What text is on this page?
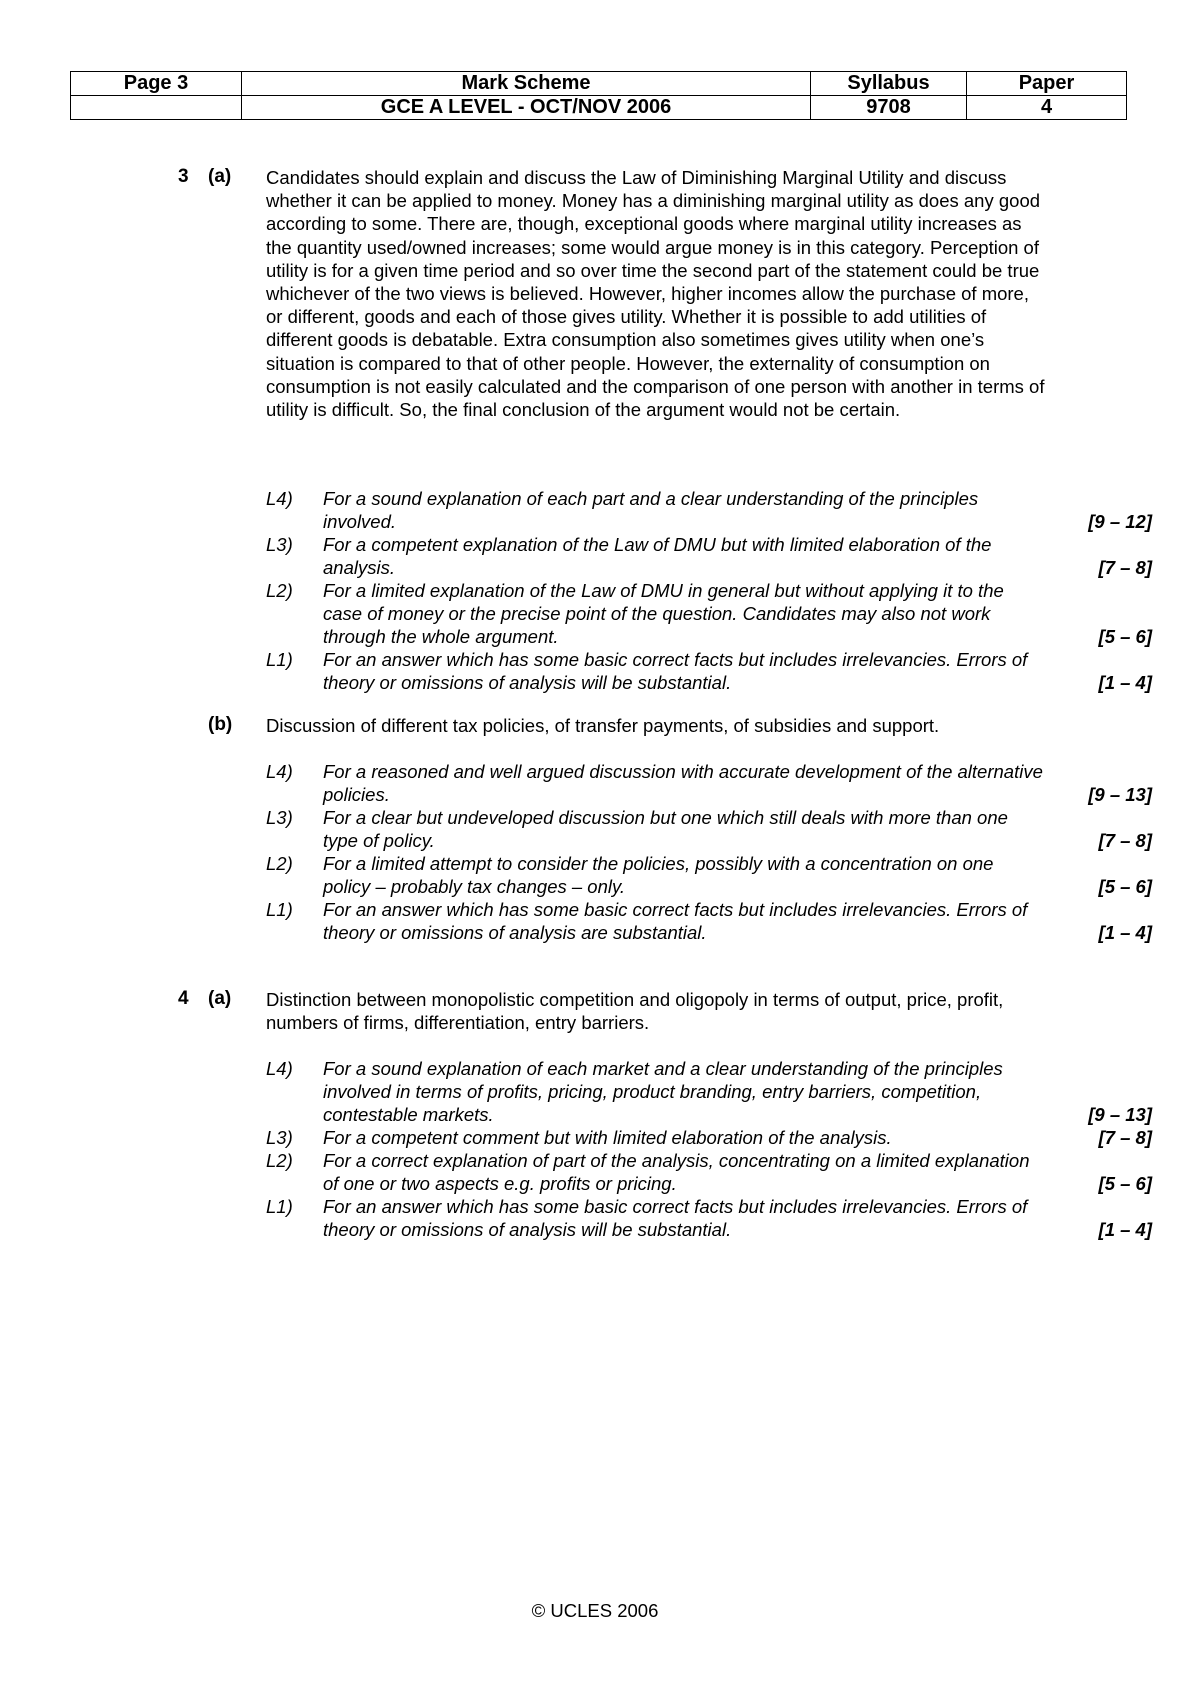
Page 3	Mark Scheme	Syllabus	Paper
	GCE A LEVEL - OCT/NOV 2006	9708	4
3 (a) Candidates should explain and discuss the Law of Diminishing Marginal Utility and discuss whether it can be applied to money. Money has a diminishing marginal utility as does any good according to some. There are, though, exceptional goods where marginal utility increases as the quantity used/owned increases; some would argue money is in this category. Perception of utility is for a given time period and so over time the second part of the statement could be true whichever of the two views is believed. However, higher incomes allow the purchase of more, or different, goods and each of those gives utility. Whether it is possible to add utilities of different goods is debatable. Extra consumption also sometimes gives utility when one’s situation is compared to that of other people. However, the externality of consumption on consumption is not easily calculated and the comparison of one person with another in terms of utility is difficult. So, the final conclusion of the argument would not be certain.
L4) For a sound explanation of each part and a clear understanding of the principles involved.	[9 – 12]
L3) For a competent explanation of the Law of DMU but with limited elaboration of the analysis.	[7 – 8]
L2) For a limited explanation of the Law of DMU in general but without applying it to the case of money or the precise point of the question. Candidates may also not work through the whole argument.	[5 – 6]
L1) For an answer which has some basic correct facts but includes irrelevancies. Errors of theory or omissions of analysis will be substantial.	[1 – 4]
(b) Discussion of different tax policies, of transfer payments, of subsidies and support.
L4) For a reasoned and well argued discussion with accurate development of the alternative policies.	[9 – 13]
L3) For a clear but undeveloped discussion but one which still deals with more than one type of policy.	[7 – 8]
L2) For a limited attempt to consider the policies, possibly with a concentration on one policy – probably tax changes – only.	[5 – 6]
L1) For an answer which has some basic correct facts but includes irrelevancies. Errors of theory or omissions of analysis are substantial.	[1 – 4]
4 (a) Distinction between monopolistic competition and oligopoly in terms of output, price, profit, numbers of firms, differentiation, entry barriers.
L4) For a sound explanation of each market and a clear understanding of the principles involved in terms of profits, pricing, product branding, entry barriers, competition, contestable markets.	[9 – 13]
L3) For a competent comment but with limited elaboration of the analysis.	[7 – 8]
L2) For a correct explanation of part of the analysis, concentrating on a limited explanation of one or two aspects e.g. profits or pricing.	[5 – 6]
L1) For an answer which has some basic correct facts but includes irrelevancies. Errors of theory or omissions of analysis will be substantial.	[1 – 4]
© UCLES 2006
